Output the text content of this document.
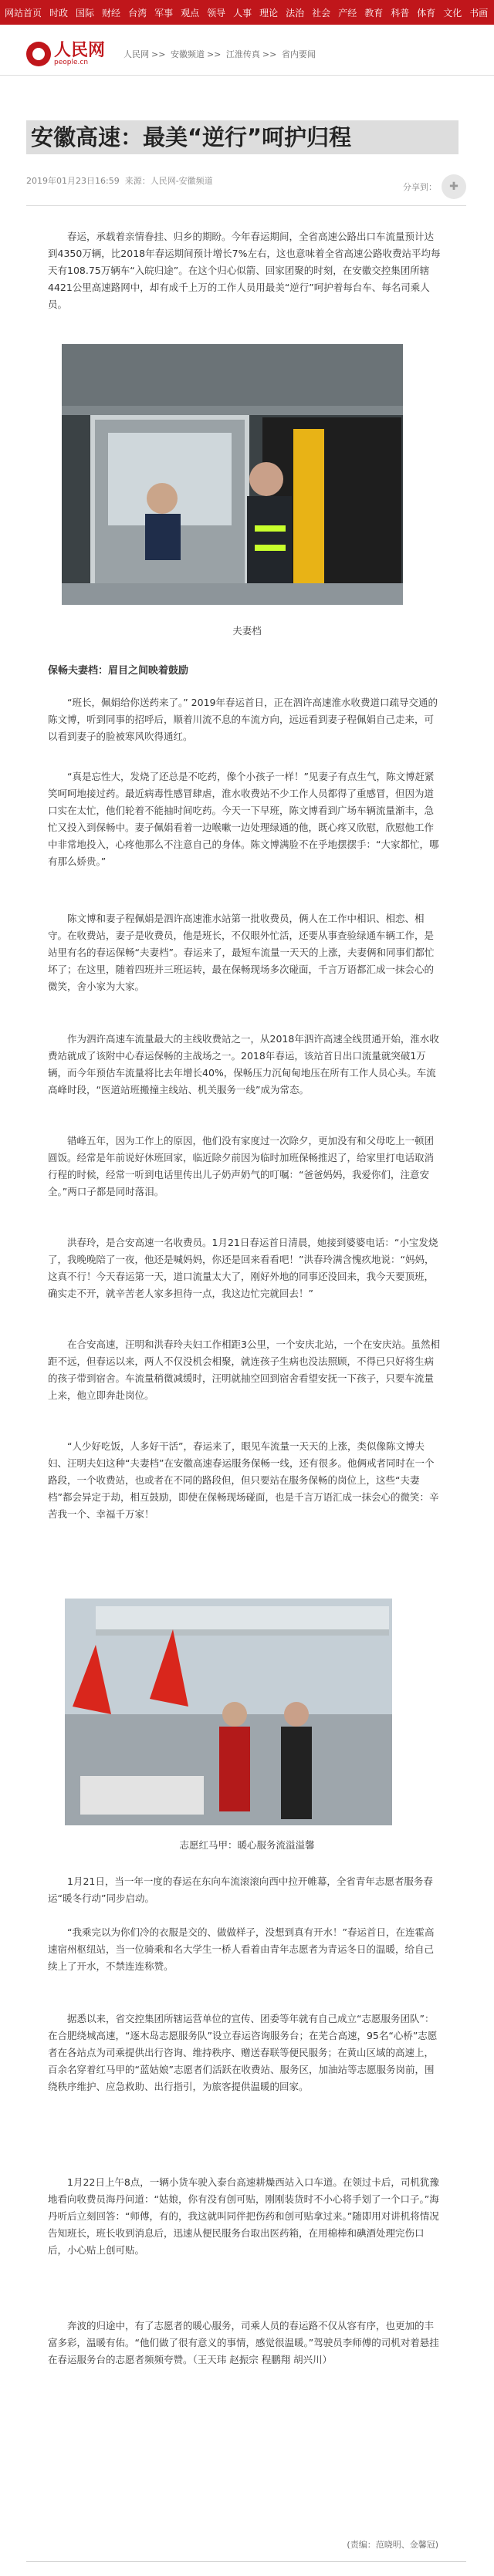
网站首页 时政 国际 财经 台湾 军事 观点 领导 人事 理论 法治 社会 产经 教育 科普 体育 文化 书画
人民网
people.cn
人民网 >> 安徽频道 >> 江淮传真 >> 省内要闻
安徽高速：最美“逆行”呵护归程
2019年01月23日16:59 来源：人民网-安徽频道
分享到：	✚

春运，承载着亲情眷挂、归乡的期盼。今年春运期间，全省高速公路出口车流量预计达到4350万辆，比2018年春运期间预计增长7%左右，这也意味着全省高速公路收费站平均每天有108.75万辆车“入皖归途”。在这个归心似箭、回家团聚的时刻，在安徽交控集团所辖4421公里高速路网中，却有成千上万的工作人员用最美“逆行”呵护着每台车、每名司乘人员。

夫妻档
保畅夫妻档：眉目之间映着鼓励

“班长，佩娟给你送药来了。” 2019年春运首日，正在泗许高速淮水收费道口疏导交通的陈文博，听到同事的招呼后，顺着川流不息的车流方向，远远看到妻子程佩娟自己走来，可以看到妻子的脸被寒风吹得通红。

“真是忘性大，发烧了还总是不吃药，像个小孩子一样！”见妻子有点生气，陈文博赶紧笑呵呵地接过药。最近病毒性感冒肆虐，淮水收费站不少工作人员都得了重感冒，但因为道口实在太忙，他们轮着不能抽时间吃药。今天一下早班，陈文博看到广场车辆流量渐丰，急忙又投入到保畅中。妻子佩娟看着一边喉嗽一边处理绿通的他，既心疼又欣慰，欣慰他工作中非常地投入，心疼他那么不注意自己的身体。陈文博满脸不在乎地摆摆手：“大家都忙，哪有那么娇贵。”

陈文博和妻子程佩娟是泗许高速淮水站第一批收费员，俩人在工作中相识、相恋、相守。在收费站，妻子是收费员，他是班长，不仅眼外忙活，还要从事查验绿通车辆工作，是站里有名的春运保畅“夫妻档”。春运来了，最短车流量一天天的上涨，夫妻俩和同事们都忙坏了；在这里，随着四班并三班运转，最在保畅现场多次碰面，千言万语都汇成一抹会心的微笑，舍小家为大家。

作为泗许高速车流量最大的主线收费站之一，从2018年泗许高速全线贯通开始，淮水收费站就成了该附中心春运保畅的主战场之一。2018年春运，该站首日出口流量就突破1万辆，而今年预估车流量将比去年增长40%，保畅压力沉甸甸地压在所有工作人员心头。车流高峰时段，“医道站班搬撞主线站、机关服务一线”成为常态。

错峰五年，因为工作上的原因，他们没有家度过一次除夕，更加没有和父母吃上一顿团圆饭。经常是年前说好休班回家，临近除夕前因为临时加班保畅推迟了，给家里打电话取消行程的时候，经常一听到电话里传出儿子奶声奶气的叮嘱：“爸爸妈妈，我爱你们，注意安全。”两口子都是同时落泪。

洪春玲，是合安高速一名收费员。1月21日春运首日清晨，她接到婆婆电话：“小宝发烧了，我晚晚陪了一夜，他还是喊妈妈，你还是回来看看吧！”洪春玲满含愧疚地说：“妈妈，这真不行！今天春运第一天，道口流量太大了，刚好外地的同事还没回来，我今天要顶班，确实走不开，就辛苦老人家多担待一点，我这边忙完就回去！”

在合安高速，汪明和洪春玲夫妇工作相距3公里，一个安庆北站，一个在安庆站。虽然相距不远，但春运以来，两人不仅没机会相聚，就连孩子生病也没法照顾，不得已只好将生病的孩子带到宿舍。车流量稍微减缓时，汪明就抽空回到宿舍看望安抚一下孩子，只要车流量上来，他立即奔赴岗位。

“人少好吃饭，人多好干活”，春运来了，眼见车流量一天天的上涨，类似像陈文博夫妇、汪明夫妇这种“夫妻档”在安徽高速春运服务保畅一线，还有很多。他俩戒者同时在一个路段，一个收费站，也或者在不同的路段但，但只要站在服务保畅的岗位上，这些“夫妻档”都会异定于劫，相互鼓励，即使在保畅现场碰面，也是千言万语汇成一抹会心的微笑：辛苦我一个、幸福千万家！

志愿红马甲：暖心服务流溢溢馨

1月21日，当一年一度的春运在东向车流滚滚向西中拉开帷幕，全省青年志愿者服务春运“暖冬行动”同步启动。

“我乘完以为你们冷的衣服是交的、做做样子，没想到真有开水！”春运首日，在连霍高速宿州枢纽站，当一位骑乘和名大学生一桥人看着由青年志愿者为青运冬日的温暖，给自己续上了开水，不禁连连称赞。

据悉以来，省交控集团所辖运营单位的宣传、团委等年就有自己成立“志愿服务团队”：在合肥绕城高速，“逐木岛志愿服务队”设立春运咨询服务台；在芜合高速，95名“心桥”志愿者在各站点为司乘提供出行咨询、维持秩序、赠送春联等便民服务；在黄山区域的高速上，百余名穿着红马甲的“蓝姑娘”志愿者们活跃在收费站、服务区，加油站等志愿服务岗前，围绕秩序维护、应急救助、出行指引，为旅客提供温暖的回家。

1月22日上午8点，一辆小货车驶入泰台高速耕燥西站入口车道。在领过卡后，司机犹豫地看向收费员海丹问道：“姑娘，你有没有创可贴，刚刚装货时不小心将手划了一个口子。”海丹听后立刻回答：“师傅，有的，我这就叫同伴把伤药和创可贴拿过来。”随即用对讲机将情况告知班长，班长收到消息后，迅速从便民服务台取出医药箱，在用棉棒和碘酒处理完伤口后，小心贴上创可贴。

奔波的归途中，有了志愿者的暖心服务，司乘人员的春运路不仅从容有序，也更加的丰富多彩，温暖有佑。“他们做了很有意义的事情，感觉很温暖。”驾驶员李师傅的司机对着悬挂在春运服务台的志愿者频频夸赞。（王天玮 赵振宗 程鹏翔 胡兴川）

(责编：范晓明、金馨冠)
